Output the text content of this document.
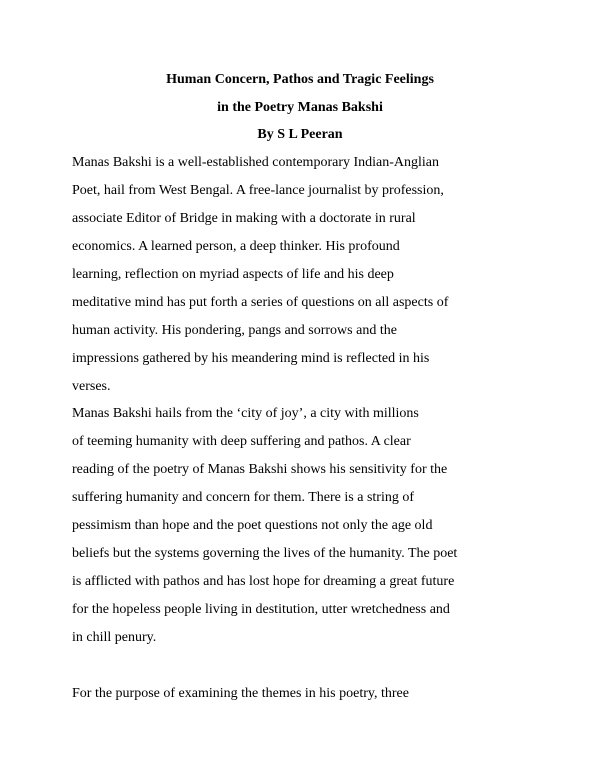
Human Concern, Pathos and Tragic Feelings

in the Poetry Manas Bakshi

By S L Peeran

Manas Bakshi is a well-established contemporary Indian-Anglian

Poet, hail from West Bengal. A free-lance journalist by profession,

associate Editor of Bridge in making with a doctorate in rural

economics. A learned person, a deep thinker. His profound

learning, reflection on myriad aspects of life and his deep

meditative mind has put forth a series of questions on all aspects of

human activity. His pondering, pangs and sorrows and the

impressions gathered by his meandering mind is reflected in his

verses.

Manas Bakshi hails from the ‘city of joy’, a city with millions

of teeming humanity with deep suffering and pathos. A clear

reading of the poetry of Manas Bakshi shows his sensitivity for the

suffering humanity and concern for them. There is a string of

pessimism than hope and the poet questions not only the age old

beliefs but the systems governing the lives of the humanity. The poet

is afflicted with pathos and has lost hope for dreaming a great future

for the hopeless people living in destitution, utter wretchedness and

in chill penury.

For the purpose of examining the themes in his poetry, three
